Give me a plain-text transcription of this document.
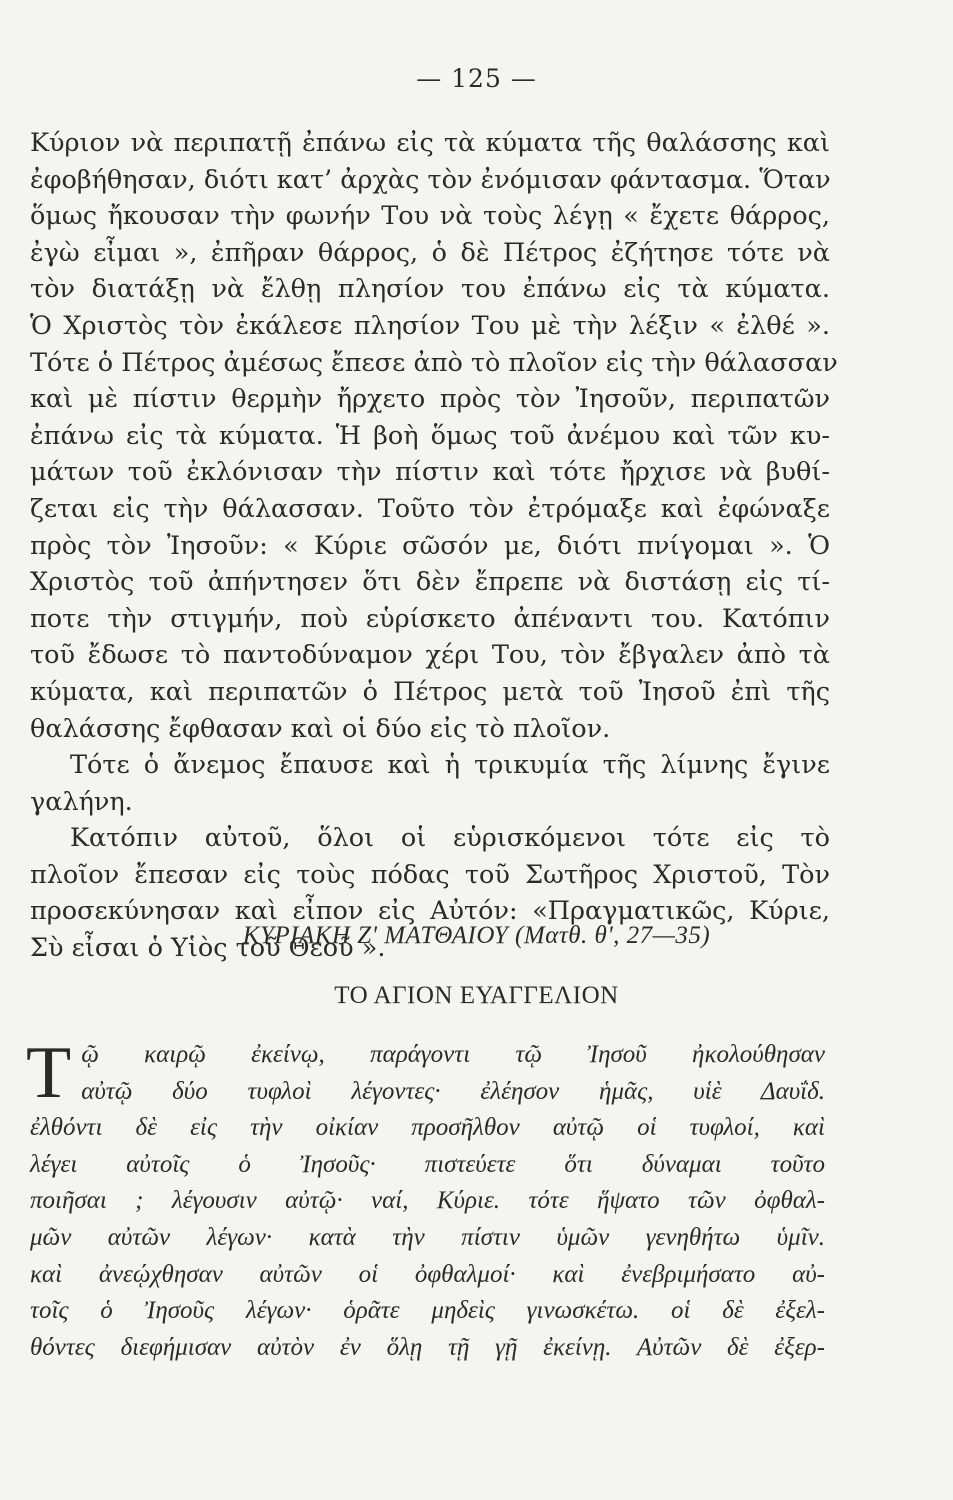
— 125 —
Κύριον νὰ περιπατῇ ἐπάνω εἰς τὰ κύματα τῆς θαλάσσης καὶ
ἐφοβήθησαν, διότι κατ’ ἀρχὰς τὸν ἐνόμισαν φάντασμα. Ὅταν
ὅμως ἤκουσαν τὴν φωνήν Του νὰ τοὺς λέγῃ « ἔχετε θάρρος,
ἐγὼ εἶμαι », ἐπῆραν θάρρος, ὁ δὲ Πέτρος ἐζήτησε τότε νὰ
τὸν διατάξῃ νὰ ἔλθῃ πλησίον του ἐπάνω εἰς τὰ κύματα.
Ὁ Χριστὸς τὸν ἐκάλεσε πλησίον Του μὲ τὴν λέξιν « ἐλθέ ».
Τότε ὁ Πέτρος ἀμέσως ἔπεσε ἀπὸ τὸ πλοῖον εἰς τὴν θάλασσαν
καὶ μὲ πίστιν θερμὴν ἤρχετο πρὸς τὸν Ἰησοῦν, περιπατῶν
ἐπάνω εἰς τὰ κύματα. Ἡ βοὴ ὅμως τοῦ ἀνέμου καὶ τῶν κυ-
μάτων τοῦ ἐκλόνισαν τὴν πίστιν καὶ τότε ἤρχισε νὰ βυθί-
ζεται εἰς τὴν θάλασσαν. Τοῦτο τὸν ἐτρόμαξε καὶ ἐφώναξε
πρὸς τὸν Ἰησοῦν: « Κύριε σῶσόν με, διότι πνίγομαι ». Ὁ
Χριστὸς τοῦ ἀπήντησεν ὅτι δὲν ἔπρεπε νὰ διστάσῃ εἰς τί-
ποτε τὴν στιγμήν, ποὺ εὑρίσκετο ἀπέναντι του. Κατόπιν
τοῦ ἔδωσε τὸ παντοδύναμον χέρι Του, τὸν ἔβγαλεν ἀπὸ τὰ
κύματα, καὶ περιπατῶν ὁ Πέτρος μετὰ τοῦ Ἰησοῦ ἐπὶ τῆς
θαλάσσης ἔφθασαν καὶ οἱ δύο εἰς τὸ πλοῖον.
Τότε ὁ ἄνεμος ἔπαυσε καὶ ἡ τρικυμία τῆς λίμνης ἔγινε
γαλήνη.
Κατόπιν αὐτοῦ, ὅλοι οἱ εὑρισκόμενοι τότε εἰς τὸ
πλοῖον ἔπεσαν εἰς τοὺς πόδας τοῦ Σωτῆρος Χριστοῦ, Τὸν
προσεκύνησαν καὶ εἶπον εἰς Αὐτόν: «Πραγματικῶς, Κύριε,
Σὺ εἶσαι ὁ Υἱὸς τοῦ Θεοῦ ».
ΚΥΡΙΑΚΗ Ζ' ΜΑΤΘΑΙΟΥ (Ματθ. θ', 27—35)
ΤΟ ΑΓΙΟΝ ΕΥΑΓΓΕΛΙΟΝ
Τ ῷ καιρῷ ἐκείνῳ, παράγοντι τῷ Ἰησοῦ ἠκολούθησαν
αὐτῷ δύο τυφλοὶ λέγοντες· ἐλέησον ἡμᾶς, υἱὲ Δαυΐδ.
ἐλθόντι δὲ εἰς τὴν οἰκίαν προσῆλθον αὐτῷ οἱ τυφλοί, καὶ
λέγει αὐτοῖς ὁ Ἰησοῦς· πιστεύετε ὅτι δύναμαι τοῦτο
ποιῆσαι ; λέγουσιν αὐτῷ· ναί, Κύριε. τότε ἥψατο τῶν ὀφθαλ-
μῶν αὐτῶν λέγων· κατὰ τὴν πίστιν ὑμῶν γενηθήτω ὑμῖν.
καὶ ἀνεῴχθησαν αὐτῶν οἱ ὀφθαλμοί· καὶ ἐνεβριμήσατο αὐ-
τοῖς ὁ Ἰησοῦς λέγων· ὁρᾶτε μηδεὶς γινωσκέτω. οἱ δὲ ἐξελ-
θόντες διεφήμισαν αὐτὸν ἐν ὅλῃ τῇ γῇ ἐκείνῃ. Αὐτῶν δὲ ἐξερ-
